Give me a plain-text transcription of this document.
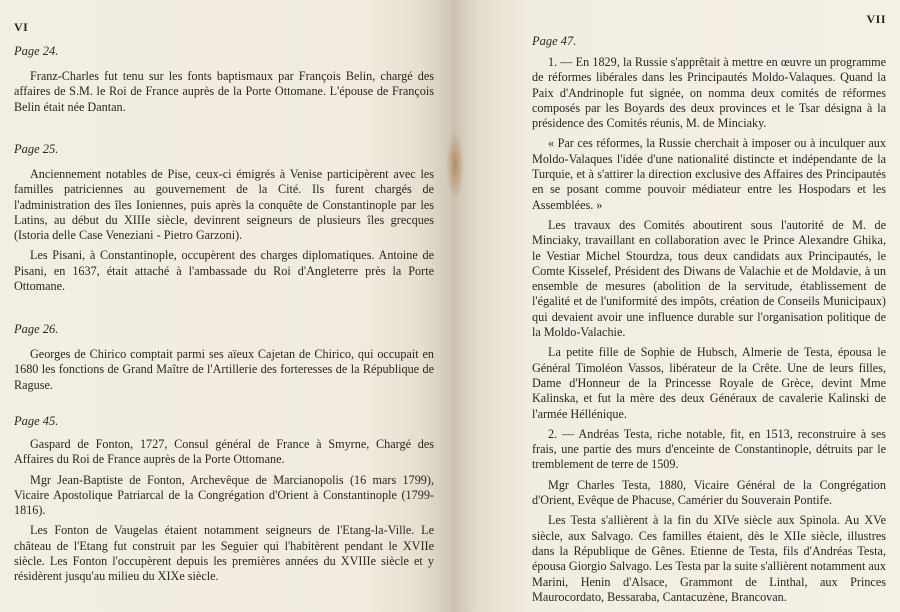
VI

Page 24.

Franz-Charles fut tenu sur les fonts baptismaux par François Belin, chargé des affaires de S.M. le Roi de France auprès de la Porte Ottomane. L'épouse de François Belin était née Dantan.

Page 25.

Anciennement notables de Pise, ceux-ci émigrés à Venise participèrent avec les familles patriciennes au gouvernement de la Cité. Ils furent chargés de l'administration des îles Ioniennes, puis après la conquête de Constantinople par les Latins, au début du XIIIe siècle, devinrent seigneurs de plusieurs îles grecques (Istoria delle Case Veneziani - Pietro Garzoni).

Les Pisani, à Constantinople, occupèrent des charges diplomatiques. Antoine de Pisani, en 1637, était attaché à l'ambassade du Roi d'Angleterre près la Porte Ottomane.

Page 26.

Georges de Chirico comptait parmi ses aïeux Cajetan de Chirico, qui occupait en 1680 les fonctions de Grand Maître de l'Artillerie des forteresses de la République de Raguse.

Page 45.

Gaspard de Fonton, 1727, Consul général de France à Smyrne, Chargé des Affaires du Roi de France auprès de la Porte Ottomane.

Mgr Jean-Baptiste de Fonton, Archevêque de Marcianopolis (16 mars 1799), Vicaire Apostolique Patriarcal de la Congrégation d'Orient à Constantinople (1799-1816).

Les Fonton de Vaugelas étaient notamment seigneurs de l'Etang-la-Ville. Le château de l'Etang fut construit par les Seguier qui l'habitèrent pendant le XVIIe siècle. Les Fonton l'occupèrent depuis les premières années du XVIIIe siècle et y résidèrent jusqu'au milieu du XIXe siècle.

VII

Page 47.

1. — En 1829, la Russie s'apprêtait à mettre en œuvre un programme de réformes libérales dans les Principautés Moldo-Valaques. Quand la Paix d'Andrinople fut signée, on nomma deux comités de réformes composés par les Boyards des deux provinces et le Tsar désigna à la présidence des Comités réunis, M. de Minciaky.

« Par ces réformes, la Russie cherchait à imposer ou à inculquer aux Moldo-Valaques l'idée d'une nationalité distincte et indépendante de la Turquie, et à s'attirer la direction exclusive des Affaires des Principautés en se posant comme pouvoir médiateur entre les Hospodars et les Assemblées. »

Les travaux des Comités aboutirent sous l'autorité de M. de Minciaky, travaillant en collaboration avec le Prince Alexandre Ghika, le Vestiar Michel Stourdza, tous deux candidats aux Principautés, le Comte Kisselef, Président des Diwans de Valachie et de Moldavie, à un ensemble de mesures (abolition de la servitude, établissement de l'égalité et de l'uniformité des impôts, création de Conseils Municipaux) qui devaient avoir une influence durable sur l'organisation politique de la Moldo-Valachie.

La petite fille de Sophie de Hubsch, Almerie de Testa, épousa le Général Timoléon Vassos, libérateur de la Crête. Une de leurs filles, Dame d'Honneur de la Princesse Royale de Grèce, devint Mme Kalinska, et fut la mère des deux Généraux de cavalerie Kalinski de l'armée Héllénique.

2. — Andréas Testa, riche notable, fit, en 1513, reconstruire à ses frais, une partie des murs d'enceinte de Constantinople, détruits par le tremblement de terre de 1509.

Mgr Charles Testa, 1880, Vicaire Général de la Congrégation d'Orient, Evêque de Phacuse, Camérier du Souverain Pontife.

Les Testa s'allièrent à la fin du XIVe siècle aux Spinola. Au XVe siècle, aux Salvago. Ces familles étaient, dès le XIIe siècle, illustres dans la République de Gênes. Etienne de Testa, fils d'Andréas Testa, épousa Giorgio Salvago. Les Testa par la suite s'allièrent notamment aux Marini, Henin d'Alsace, Grammont de Linthal, aux Princes Maurocordato, Bessaraba, Cantacuzène, Brancovan.
